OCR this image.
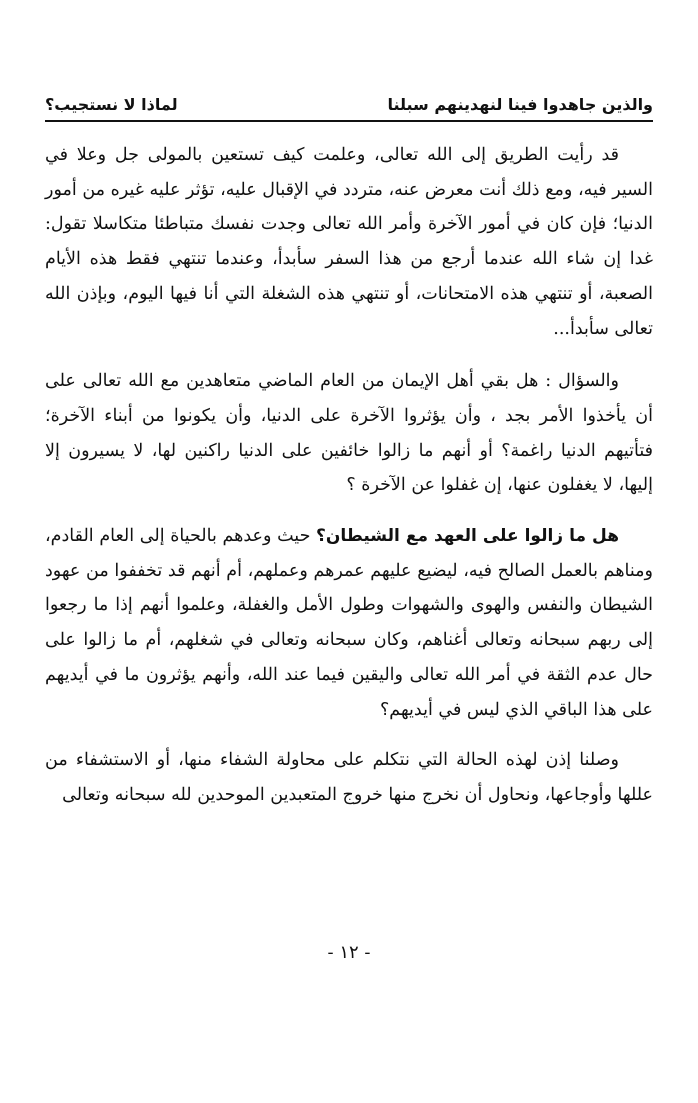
والذين جاهدوا فينا لنهدينهم سبلنا
لماذا لا نستجيب؟

قد رأيت الطريق إلى الله تعالى، وعلمت كيف تستعين بالمولى جل وعلا في السير فيه، ومع ذلك أنت معرض عنه، متردد في الإقبال عليه، تؤثر عليه غيره من أمور الدنيا؛ فإن كان في أمور الآخرة وأمر الله تعالى وجدت نفسك متباطئا متكاسلا تقول: غدا إن شاء الله عندما أرجع من هذا السفر سأبدأ، وعندما تنتهي فقط هذه الأيام الصعبة، أو تنتهي هذه الامتحانات، أو تنتهي هذه الشغلة التي أنا فيها اليوم، وبإذن الله تعالى سأبدأ...

والسؤال : هل بقي أهل الإيمان من العام الماضي متعاهدين مع الله تعالى على أن يأخذوا الأمر بجد ، وأن يؤثروا الآخرة على الدنيا، وأن يكونوا من أبناء الآخرة؛ فتأتيهم الدنيا راغمة؟ أو أنهم ما زالوا خائفين على الدنيا راكنين لها، لا يسيرون إلا إليها، لا يغفلون عنها، إن غفلوا عن الآخرة ؟

هل ما زالوا على العهد مع الشيطان؟ حيث وعدهم بالحياة إلى العام القادم، ومناهم بالعمل الصالح فيه، ليضيع عليهم عمرهم وعملهم، أم أنهم قد تخففوا من عهود الشيطان والنفس والهوى والشهوات وطول الأمل والغفلة، وعلموا أنهم إذا ما رجعوا إلى ربهم سبحانه وتعالى أغناهم، وكان سبحانه وتعالى في شغلهم، أم ما زالوا على حال عدم الثقة في أمر الله تعالى واليقين فيما عند الله، وأنهم يؤثرون ما في أيديهم على هذا الباقي الذي ليس في أيديهم؟

وصلنا إذن لهذه الحالة التي نتكلم على محاولة الشفاء منها، أو الاستشفاء من عللها وأوجاعها، ونحاول أن نخرج منها خروج المتعبدين الموحدين لله سبحانه وتعالى

- ١٢ -
